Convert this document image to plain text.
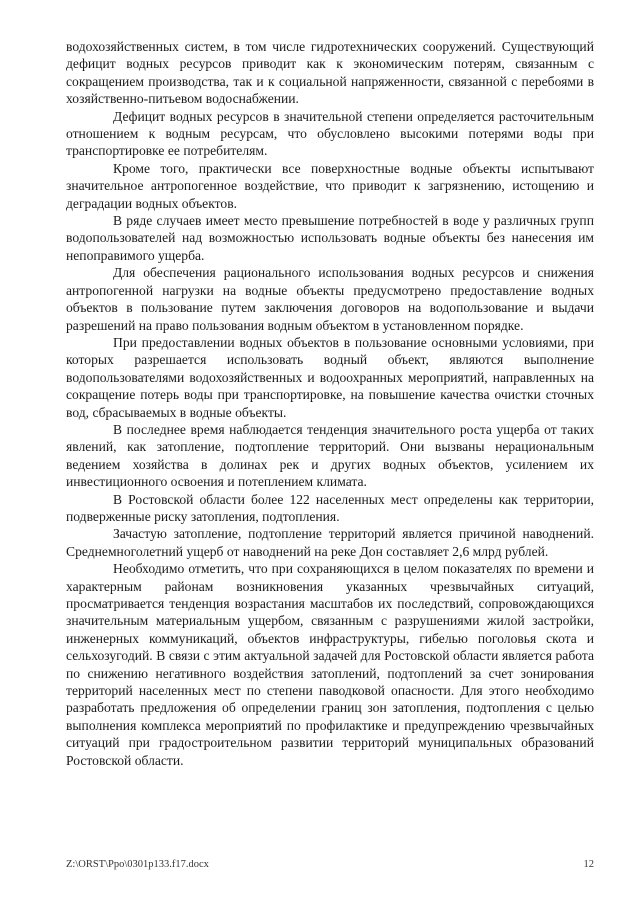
водохозяйственных систем, в том числе гидротехнических сооружений. Существующий дефицит водных ресурсов приводит как к экономическим потерям, связанным с сокращением производства, так и к социальной напряженности, связанной с перебоями в хозяйственно-питьевом водоснабжении.

Дефицит водных ресурсов в значительной степени определяется расточительным отношением к водным ресурсам, что обусловлено высокими потерями воды при транспортировке ее потребителям.

Кроме того, практически все поверхностные водные объекты испытывают значительное антропогенное воздействие, что приводит к загрязнению, истощению и деградации водных объектов.

В ряде случаев имеет место превышение потребностей в воде у различных групп водопользователей над возможностью использовать водные объекты без нанесения им непоправимого ущерба.

Для обеспечения рационального использования водных ресурсов и снижения антропогенной нагрузки на водные объекты предусмотрено предоставление водных объектов в пользование путем заключения договоров на водопользование и выдачи разрешений на право пользования водным объектом в установленном порядке.

При предоставлении водных объектов в пользование основными условиями, при которых разрешается использовать водный объект, являются выполнение водопользователями водохозяйственных и водоохранных мероприятий, направленных на сокращение потерь воды при транспортировке, на повышение качества очистки сточных вод, сбрасываемых в водные объекты.

В последнее время наблюдается тенденция значительного роста ущерба от таких явлений, как затопление, подтопление территорий. Они вызваны нерациональным ведением хозяйства в долинах рек и других водных объектов, усилением их инвестиционного освоения и потеплением климата.

В Ростовской области более 122 населенных мест определены как территории, подверженные риску затопления, подтопления.

Зачастую затопление, подтопление территорий является причиной наводнений. Среднемноголетний ущерб от наводнений на реке Дон составляет 2,6 млрд рублей.

Необходимо отметить, что при сохраняющихся в целом показателях по времени и характерным районам возникновения указанных чрезвычайных ситуаций, просматривается тенденция возрастания масштабов их последствий, сопровождающихся значительным материальным ущербом, связанным с разрушениями жилой застройки, инженерных коммуникаций, объектов инфраструктуры, гибелью поголовья скота и сельхозугодий. В связи с этим актуальной задачей для Ростовской области является работа по снижению негативного воздействия затоплений, подтоплений за счет зонирования территорий населенных мест по степени паводковой опасности. Для этого необходимо разработать предложения об определении границ зон затопления, подтопления с целью выполнения комплекса мероприятий по профилактике и предупреждению чрезвычайных ситуаций при градостроительном развитии территорий муниципальных образований Ростовской области.

Z:\ORST\Ppo\0301p133.f17.docx	12
